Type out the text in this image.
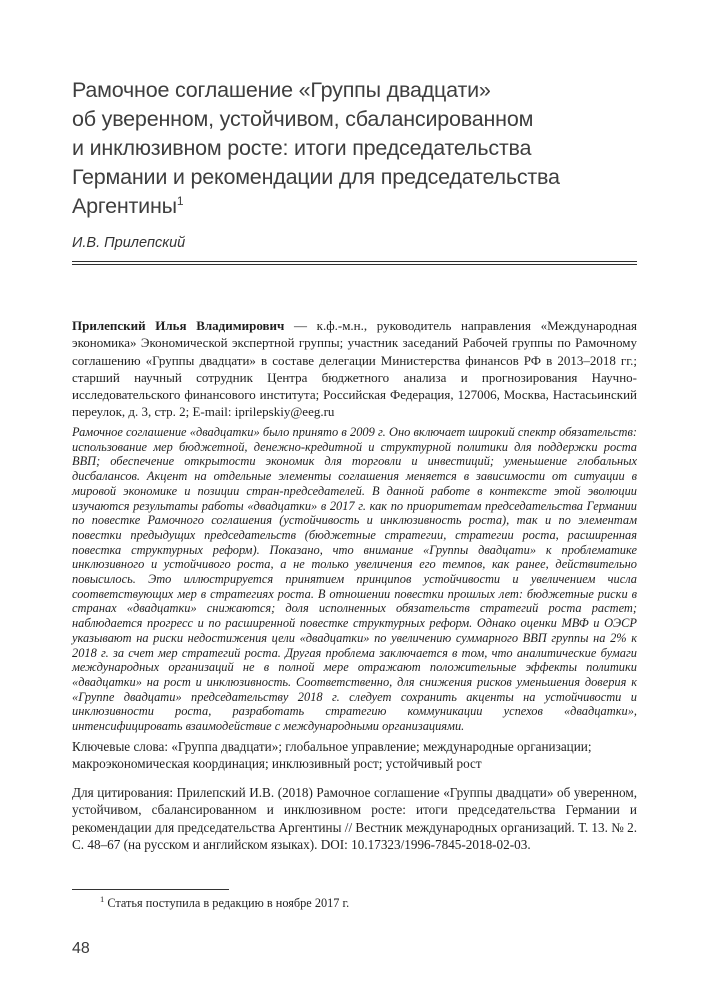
Рамочное соглашение «Группы двадцати»
об уверенном, устойчивом, сбалансированном
и инклюзивном росте: итоги председательства
Германии и рекомендации для председательства
Аргентины$^1$
И.В. Прилепский

Прилепский Илья Владимирович — к.ф.-м.н., руководитель направления «Международная экономика» Экономической экспертной группы; участник заседаний Рабочей группы по Рамочному соглашению «Группы двадцати» в составе делегации Министерства финансов РФ в 2013–2018 гг.; старший научный сотрудник Центра бюджетного анализа и прогнозирования Научно-исследовательского финансового института; Российская Федерация, 127006, Москва, Настасьинский переулок, д. 3, стр. 2; E-mail: iprilepskiy@eeg.ru

Рамочное соглашение «двадцатки» было принято в 2009 г. Оно включает широкий спектр обязательств: использование мер бюджетной, денежно-кредитной и структурной политики для поддержки роста ВВП; обеспечение открытости экономик для торговли и инвестиций; уменьшение глобальных дисбалансов. Акцент на отдельные элементы соглашения меняется в зависимости от ситуации в мировой экономике и позиции стран-председателей. В данной работе в контексте этой эволюции изучаются результаты работы «двадцатки» в 2017 г. как по приоритетам председательства Германии по повестке Рамочного соглашения (устойчивость и инклюзивность роста), так и по элементам повестки предыдущих председательств (бюджетные стратегии, стратегии роста, расширенная повестка структурных реформ). Показано, что внимание «Группы двадцати» к проблематике инклюзивного и устойчивого роста, а не только увеличения его темпов, как ранее, действительно повысилось. Это иллюстрируется принятием принципов устойчивости и увеличением числа соответствующих мер в стратегиях роста. В отношении повестки прошлых лет: бюджетные риски в странах «двадцатки» снижаются; доля исполненных обязательств стратегий роста растет; наблюдается прогресс и по расширенной повестке структурных реформ. Однако оценки МВФ и ОЭСР указывают на риски недостижения цели «двадцатки» по увеличению суммарного ВВП группы на 2% к 2018 г. за счет мер стратегий роста. Другая проблема заключается в том, что аналитические бумаги международных организаций не в полной мере отражают положительные эффекты политики «двадцатки» на рост и инклюзивность. Соответственно, для снижения рисков уменьшения доверия к «Группе двадцати» председательству 2018 г. следует сохранить акценты на устойчивости и инклюзивности роста, разработать стратегию коммуникации успехов «двадцатки», интенсифицировать взаимодействие с международными организациями.

Ключевые слова: «Группа двадцати»; глобальное управление; международные организации; макроэкономическая координация; инклюзивный рост; устойчивый рост

Для цитирования: Прилепский И.В. (2018) Рамочное соглашение «Группы двадцати» об уверенном, устойчивом, сбалансированном и инклюзивном росте: итоги председательства Германии и рекомендации для председательства Аргентины // Вестник международных организаций. Т. 13. № 2. С. 48–67 (на русском и английском языках). DOI: 10.17323/1996-7845-2018-02-03.

$^1$ Статья поступила в редакцию в ноябре 2017 г.

48
